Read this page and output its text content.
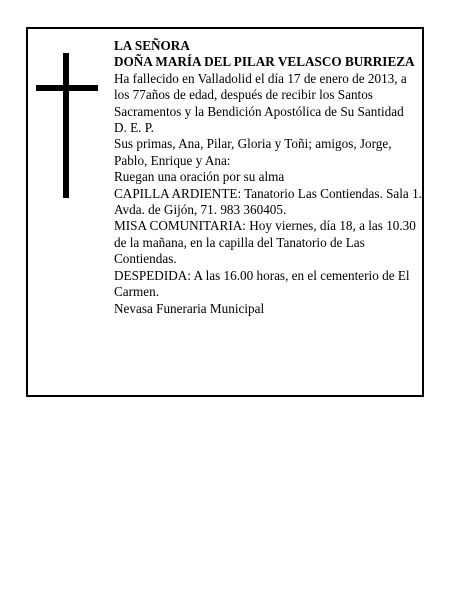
LA SEÑORA

DOÑA MARÍA DEL PILAR VELASCO BURRIEZA

Ha fallecido en Valladolid el día 17 de enero de 2013, a los 77años de edad, después de recibir los Santos Sacramentos y la Bendición Apostólica de Su Santidad

D. E. P.

Sus primas, Ana, Pilar, Gloria y Toñi; amigos, Jorge, Pablo, Enrique y Ana:

Ruegan una oración por su alma

CAPILLA ARDIENTE: Tanatorio Las Contiendas. Sala 1. Avda. de Gijón, 71. 983 360405.

MISA COMUNITARIA: Hoy viernes, día 18, a las 10.30 de la mañana, en la capilla del Tanatorio de Las Contiendas.

DESPEDIDA: A las 16.00 horas, en el cementerio de El Carmen.

Nevasa Funeraria Municipal
